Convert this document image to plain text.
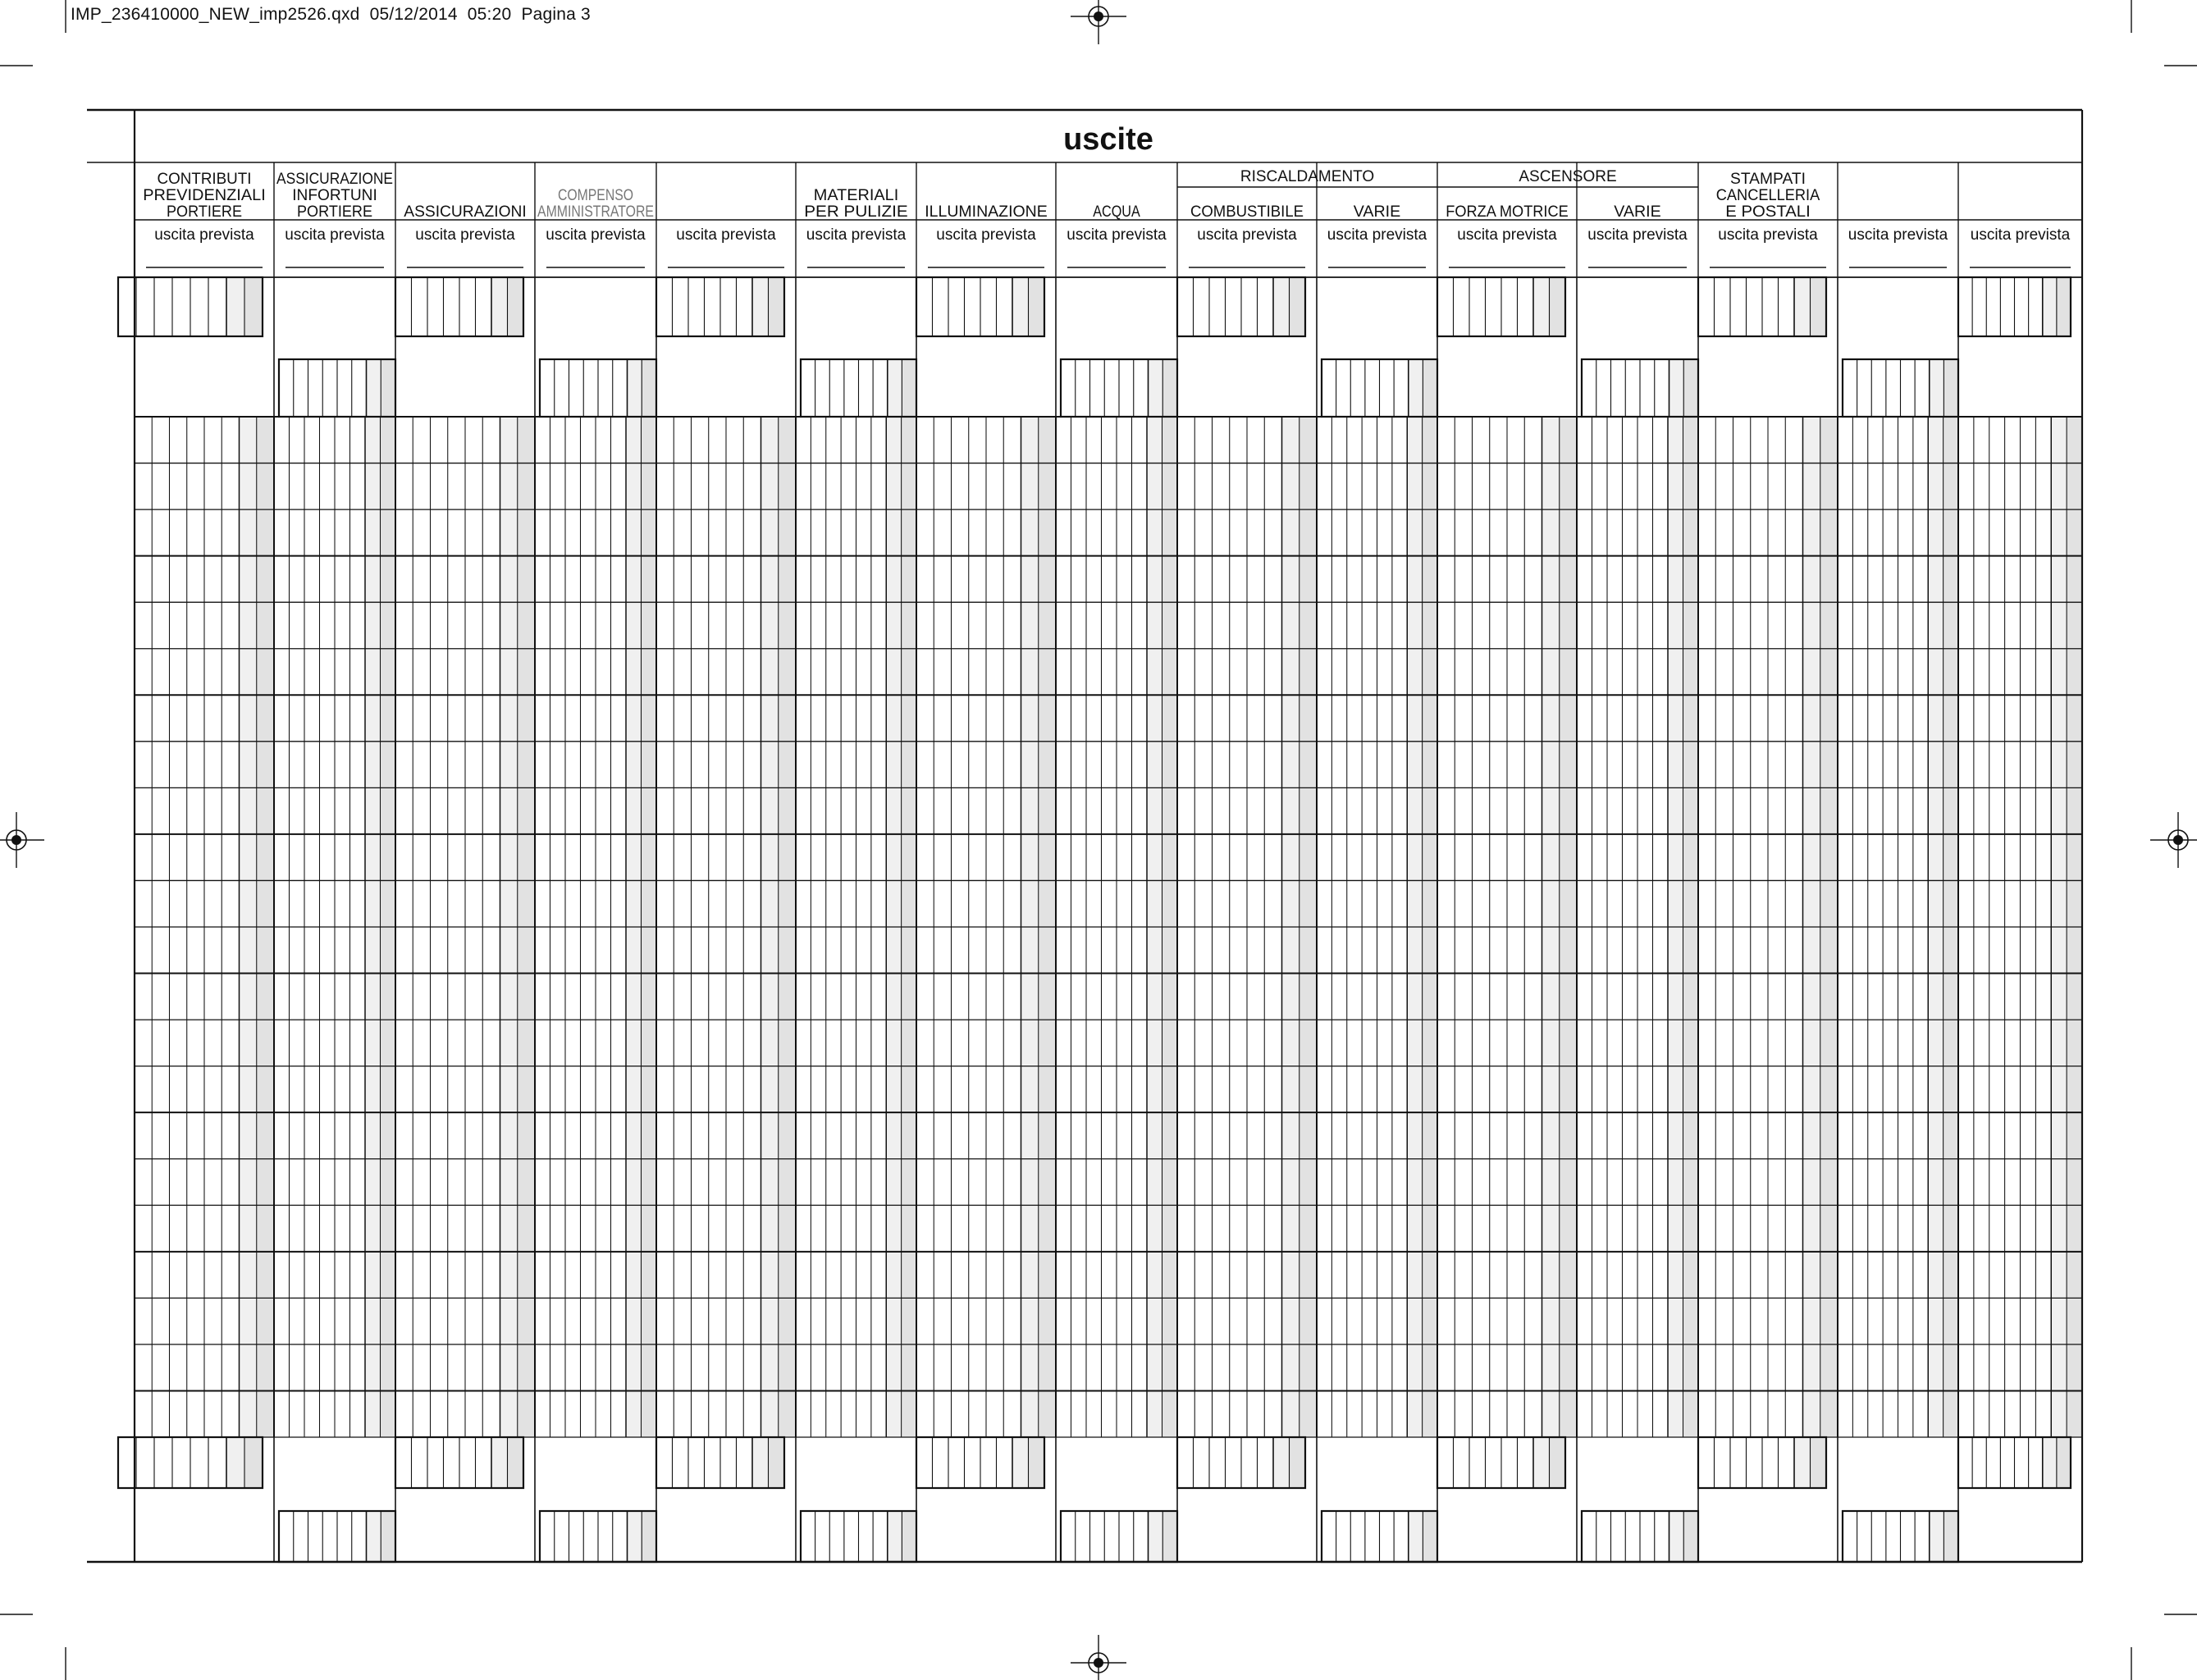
IMP_236410000_NEW_imp2526.qxd 05/12/2014 05:20 Pagina 3
uscite
RISCALDAMENTO	ASCENSORE
CONTRIBUTI
PREVIDENZIALI
PORTIERE
uscita prevista
ASSICURAZIONE
INFORTUNI
PORTIERE
uscita prevista
ASSICURAZIONI
uscita prevista
COMPENSO
AMMINISTRATORE
uscita prevista uscita prevista
MATERIALI
PER PULIZIE
uscita prevista
ILLUMINAZIONE
uscita prevista
ACQUA
uscita prevista
COMBUSTIBILE
uscita prevista
VARIE
uscita prevista
FORZA MOTRICE
uscita prevista
VARIE
uscita prevista
STAMPATI
CANCELLERIA
E POSTALI
uscita prevista uscita prevista uscita prevista
